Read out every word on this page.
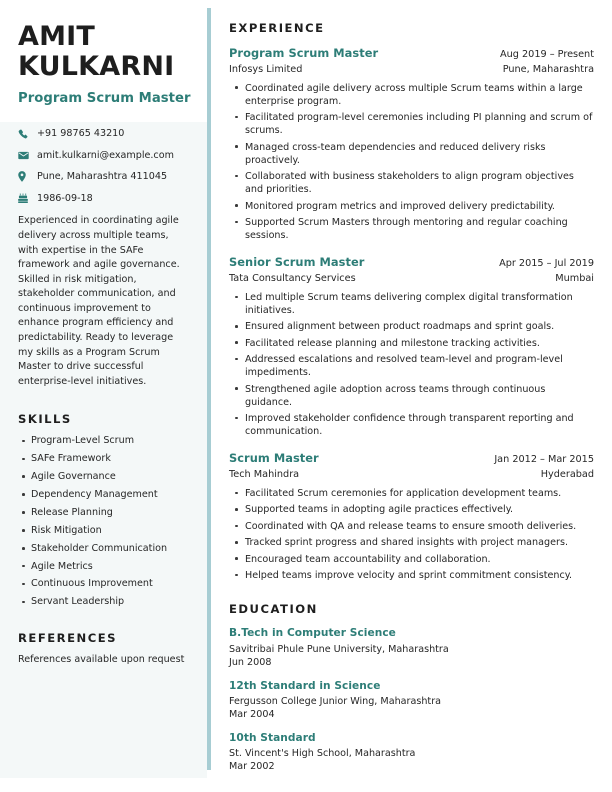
AMIT
KULKARNI
Program Scrum Master
+91 98765 43210
amit.kulkarni@example.com
Pune, Maharashtra 411045
1986-09-18

Experienced in coordinating agile delivery across multiple teams, with expertise in the SAFe framework and agile governance. Skilled in risk mitigation, stakeholder communication, and continuous improvement to enhance program efficiency and predictability. Ready to leverage my skills as a Program Scrum Master to drive successful enterprise-level initiatives.

SKILLS
Program-Level Scrum
SAFe Framework
Agile Governance
Dependency Management
Release Planning
Risk Mitigation
Stakeholder Communication
Agile Metrics
Continuous Improvement
Servant Leadership
REFERENCES

References available upon request

EXPERIENCE
Program Scrum Master	Aug 2019 – Present
Infosys Limited	Pune, Maharashtra
Coordinated agile delivery across multiple Scrum teams within a large enterprise program.
Facilitated program-level ceremonies including PI planning and scrum of scrums.
Managed cross-team dependencies and reduced delivery risks proactively.
Collaborated with business stakeholders to align program objectives and priorities.
Monitored program metrics and improved delivery predictability.
Supported Scrum Masters through mentoring and regular coaching sessions.
Senior Scrum Master	Apr 2015 – Jul 2019
Tata Consultancy Services	Mumbai
Led multiple Scrum teams delivering complex digital transformation initiatives.
Ensured alignment between product roadmaps and sprint goals.
Facilitated release planning and milestone tracking activities.
Addressed escalations and resolved team-level and program-level impediments.
Strengthened agile adoption across teams through continuous guidance.
Improved stakeholder confidence through transparent reporting and communication.
Scrum Master	Jan 2012 – Mar 2015
Tech Mahindra	Hyderabad
Facilitated Scrum ceremonies for application development teams.
Supported teams in adopting agile practices effectively.
Coordinated with QA and release teams to ensure smooth deliveries.
Tracked sprint progress and shared insights with project managers.
Encouraged team accountability and collaboration.
Helped teams improve velocity and sprint commitment consistency.
EDUCATION
B.Tech in Computer Science
Savitribai Phule Pune University, Maharashtra
Jun 2008
12th Standard in Science
Fergusson College Junior Wing, Maharashtra
Mar 2004
10th Standard
St. Vincent's High School, Maharashtra
Mar 2002
